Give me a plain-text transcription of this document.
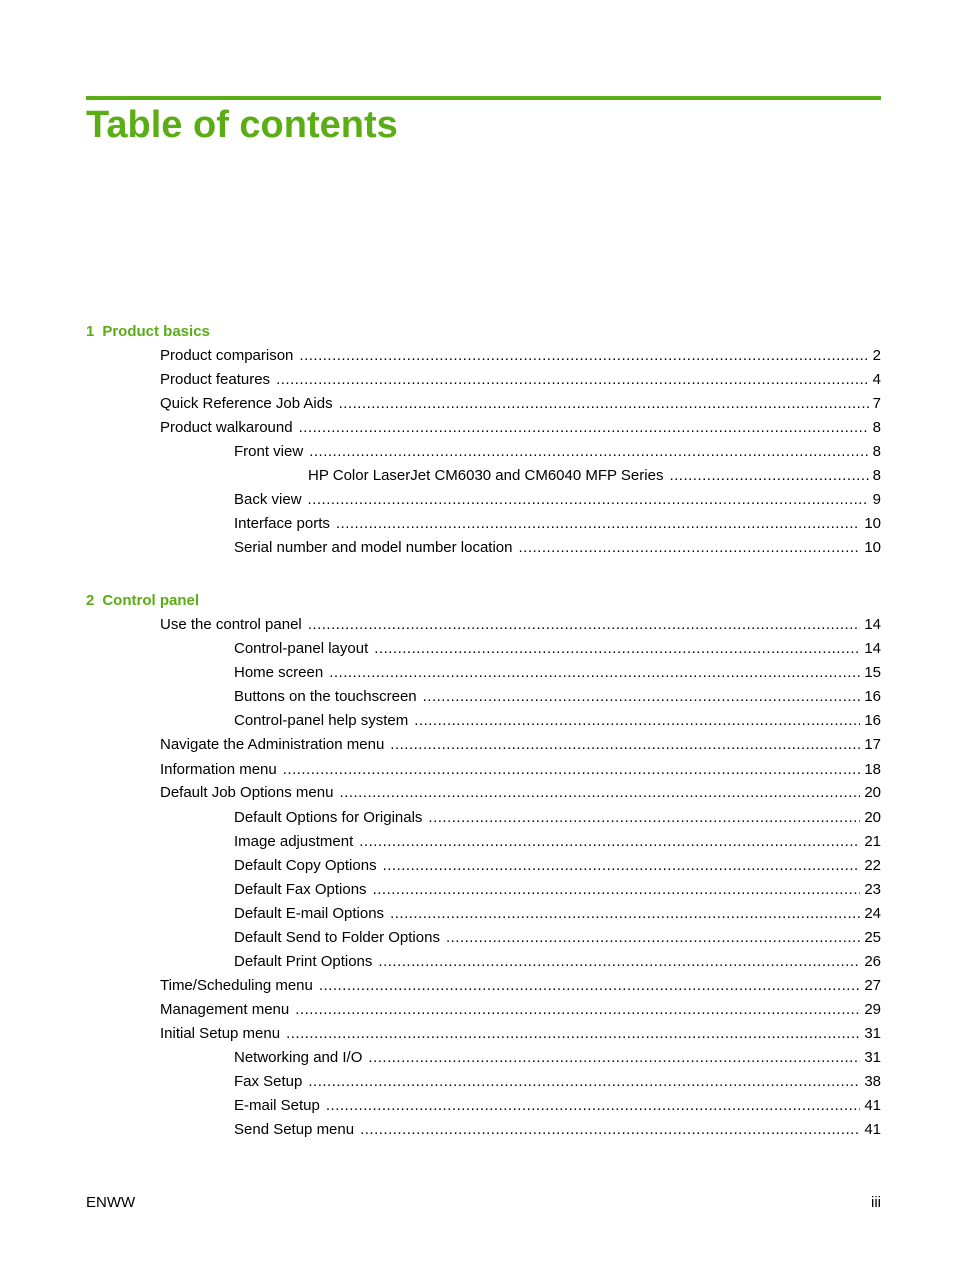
Table of contents
1 Product basics
Product comparison .....	2
Product features .....	4
Quick Reference Job Aids .....	7
Product walkaround .....	8
Front view .....	8
HP Color LaserJet CM6030 and CM6040 MFP Series .....	8
Back view .....	9
Interface ports .....	10
Serial number and model number location .....	10
2 Control panel
Use the control panel .....	14
Control-panel layout .....	14
Home screen .....	15
Buttons on the touchscreen .....	16
Control-panel help system .....	16
Navigate the Administration menu .....	17
Information menu .....	18
Default Job Options menu .....	20
Default Options for Originals .....	20
Image adjustment .....	21
Default Copy Options .....	22
Default Fax Options .....	23
Default E-mail Options .....	24
Default Send to Folder Options .....	25
Default Print Options .....	26
Time/Scheduling menu .....	27
Management menu .....	29
Initial Setup menu .....	31
Networking and I/O .....	31
Fax Setup .....	38
E-mail Setup .....	41
Send Setup menu .....	41
ENWW	iii
